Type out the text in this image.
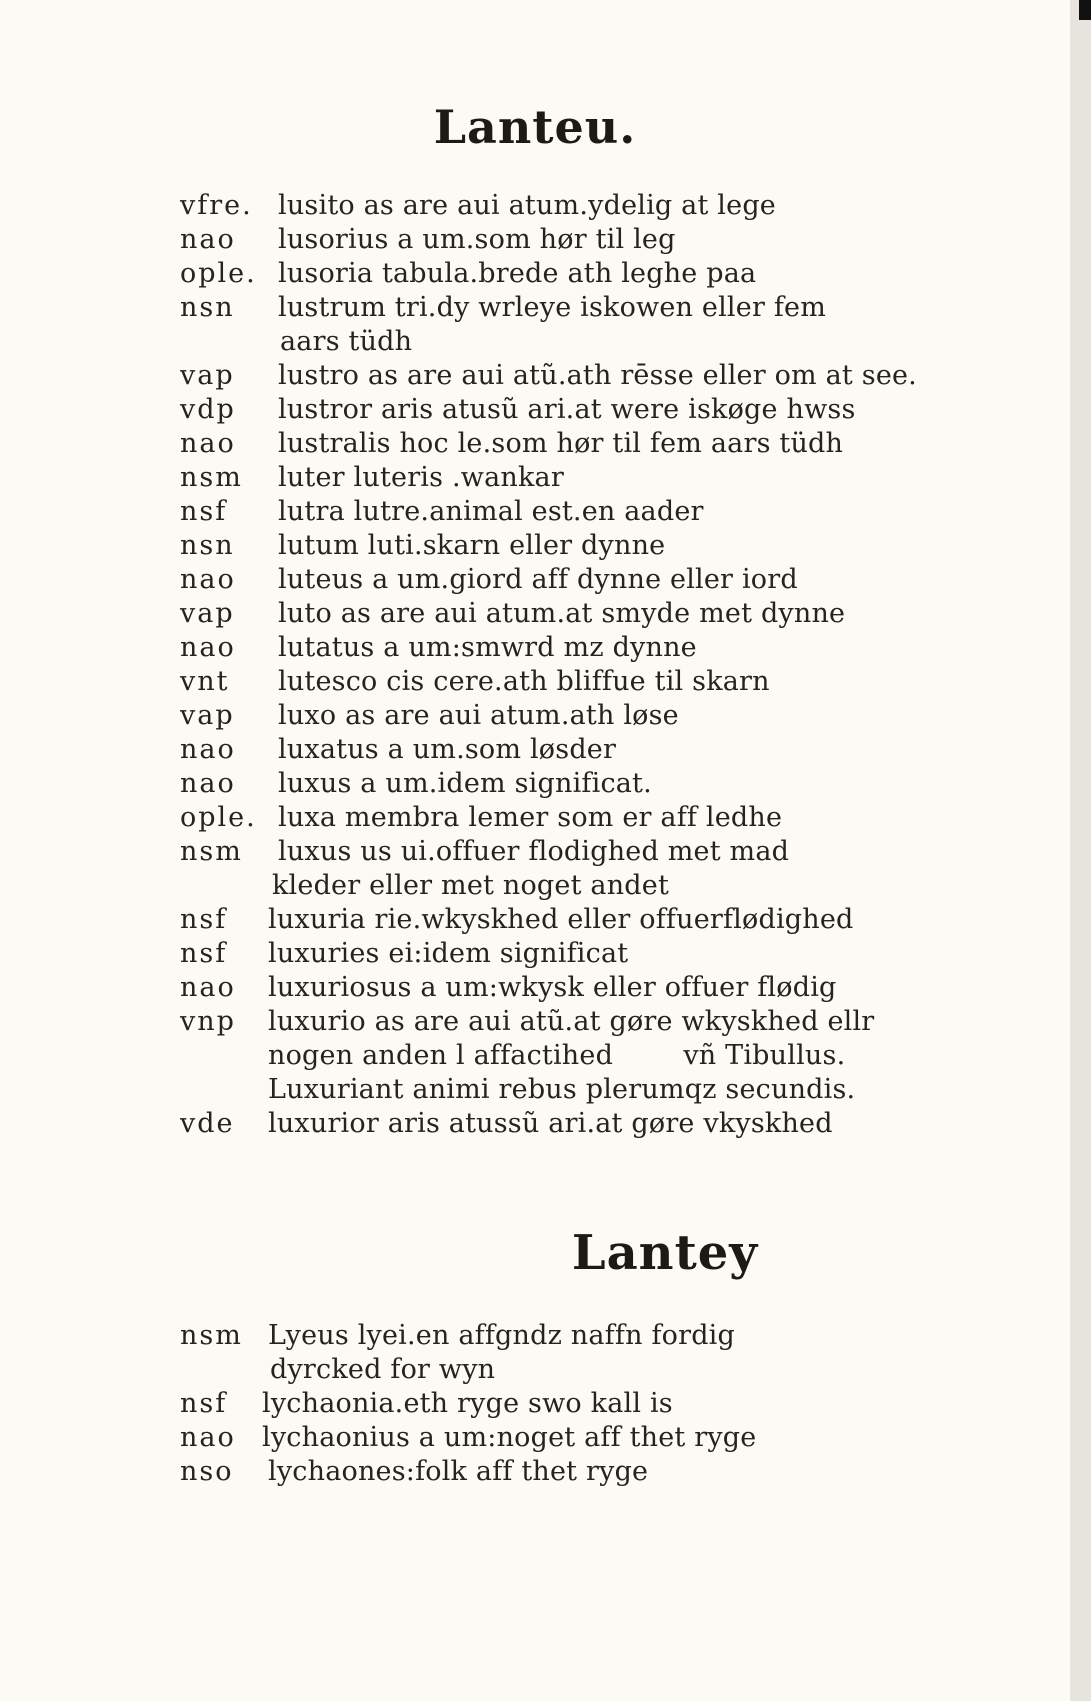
Lanteu.
Lantey
vfre. lusito as are aui atum.ydelig at lege
nao	lusorius a um.som hør til leg
ople. lusoria tabula.brede ath leghe paa
nsn	lustrum tri.dy wrleye iskowen eller fem
aars tüdh
vap	lustro as are aui atũ.ath rēsse eller om at see.
vdp	lustror aris atusũ ari.at were iskøge hwss
nao	lustralis hoc le.som hør til fem aars tüdh
nsm	luter luteris .wankar
nsf	lutra lutre.animal est.en aader
nsn	lutum luti.skarn eller dynne
nao	luteus a um.giord aff dynne eller iord
vap	luto as are aui atum.at smyde met dynne
nao	lutatus a um:smwrd mz dynne
vnt	lutesco cis cere.ath bliffue til skarn
vap	luxo as are aui atum.ath løse
nao	luxatus a um.som løsder
nao	luxus a um.idem significat.
ople. luxa membra lemer som er aff ledhe
nsm	luxus us ui.offuer flodighed met mad
kleder eller met noget andet
nsf	luxuria rie.wkyskhed eller offuerflødighed
nsf	luxuries ei:idem significat
nao	luxuriosus a um:wkysk eller offuer flødig
vnp	luxurio as are aui atũ.at gøre wkyskhed ellr
nogen anden l affactihed        vñ Tibullus.
Luxuriant animi rebus plerumqz secundis.
vde	luxurior aris atussũ ari.at gøre vkyskhed
nsm Lyeus lyei.en affgndz naffn fordig
dyrcked for wyn
nsf	lychaonia.eth ryge swo kall is
nao lychaonius a um:noget aff thet ryge
nso	lychaones:folk aff thet ryge
